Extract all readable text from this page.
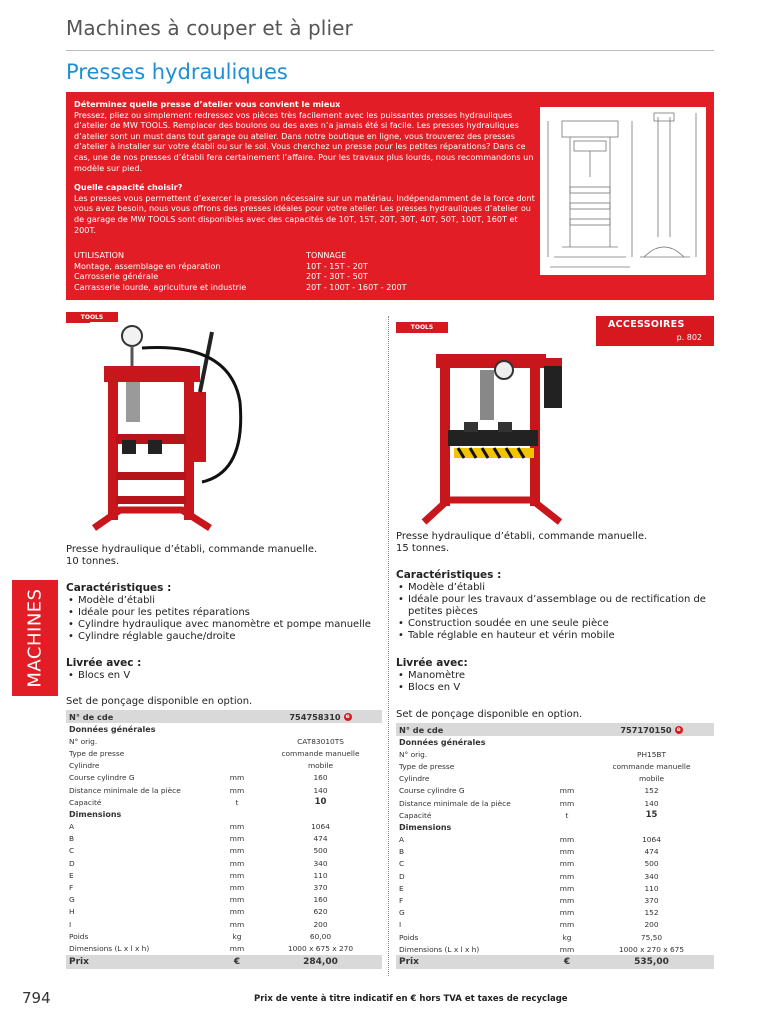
Machines à couper et à plier
Presses hydrauliques
Déterminez quelle presse d’atelier vous convient le mieux

Pressez, pliez ou simplement redressez vos pièces très facilement avec les puissantes presses hydrauliques d’atelier de MW TOOLS. Remplacer des boulons ou des axes n’a jamais été si facile. Les presses hydrauliques d’atelier sont un must dans tout garage ou atelier. Dans notre boutique en ligne, vous trouverez des presses d’atelier à installer sur votre établi ou sur le sol. Vous cherchez un presse pour les petites réparations? Dans ce cas, une de nos presses d’établi fera certainement l’affaire. Pour les travaux plus lourds, nous recommandons un modèle sur pied.

Quelle capacité choisir?

Les presses vous permettent d’exercer la pression nécessaire sur un matériau. Indépendamment de la force dont vous avez besoin, nous vous offrons des presses idéales pour votre atelier. Les presses hydrauliques d’atelier ou de garage de MW TOOLS sont disponibles avec des capacités de 10T, 15T, 20T, 30T, 40T, 50T, 100T, 160T et 200T.

UTILISATION	TONNAGE
Montage, assemblage en réparation	10T - 15T - 20T
Carrosserie générale	20T - 30T - 50T
Carrasserie lourde, agriculture et industrie	20T - 100T - 160T - 200T
TOOLS
Presse hydraulique d’établi, commande manuelle.
10 tonnes.
Caractéristiques :
• Modèle d’établi
• Idéale pour les petites réparations
• Cylindre hydraulique avec manomètre et pompe manuelle
• Cylindre réglable gauche/droite
Livrée avec :
• Blocs en V
Set de ponçage disponible en option.
N° de cde	754758310 e
Données générales
N° orig.	CAT83010TS
Type de presse	commande manuelle
Cylindre	mobile
Course cylindre G	mm	160
Distance minimale de la pièce	mm	140
Capacité	t	10
Dimensions
A	mm	1064
B	mm	474
C	mm	500
D	mm	340
E	mm	110
F	mm	370
G	mm	160
H	mm	620
I	mm	200
Poids	kg	60,00
Dimensions (L x l x h)	mm	1000 x 675 x 270
Prix	€	284,00
TOOLS	ACCESSOIRES
p. 802
Presse hydraulique d’établi, commande manuelle.
15 tonnes.
Caractéristiques :
• Modèle d’établi
• Idéale pour les travaux d’assemblage ou de rectification de petites pièces
• Construction soudée en une seule pièce
• Table réglable en hauteur et vérin mobile
Livrée avec:
• Manomètre
• Blocs en V
Set de ponçage disponible en option.
N° de cde	757170150 e
Données générales
N° orig.	PH15BT
Type de presse	commande manuelle
Cylindre	mobile
Course cylindre G	mm	152
Distance minimale de la pièce	mm	140
Capacité	t	15
Dimensions
A	mm	1064
B	mm	474
C	mm	500
D	mm	340
E	mm	110
F	mm	370
G	mm	152
I	mm	200
Poids	kg	75,50
Dimensions (L x l x h)	mm	1000 x 270 x 675
Prix	€	535,00
MACHINES
794	Prix de vente à titre indicatif en € hors TVA et taxes de recyclage
